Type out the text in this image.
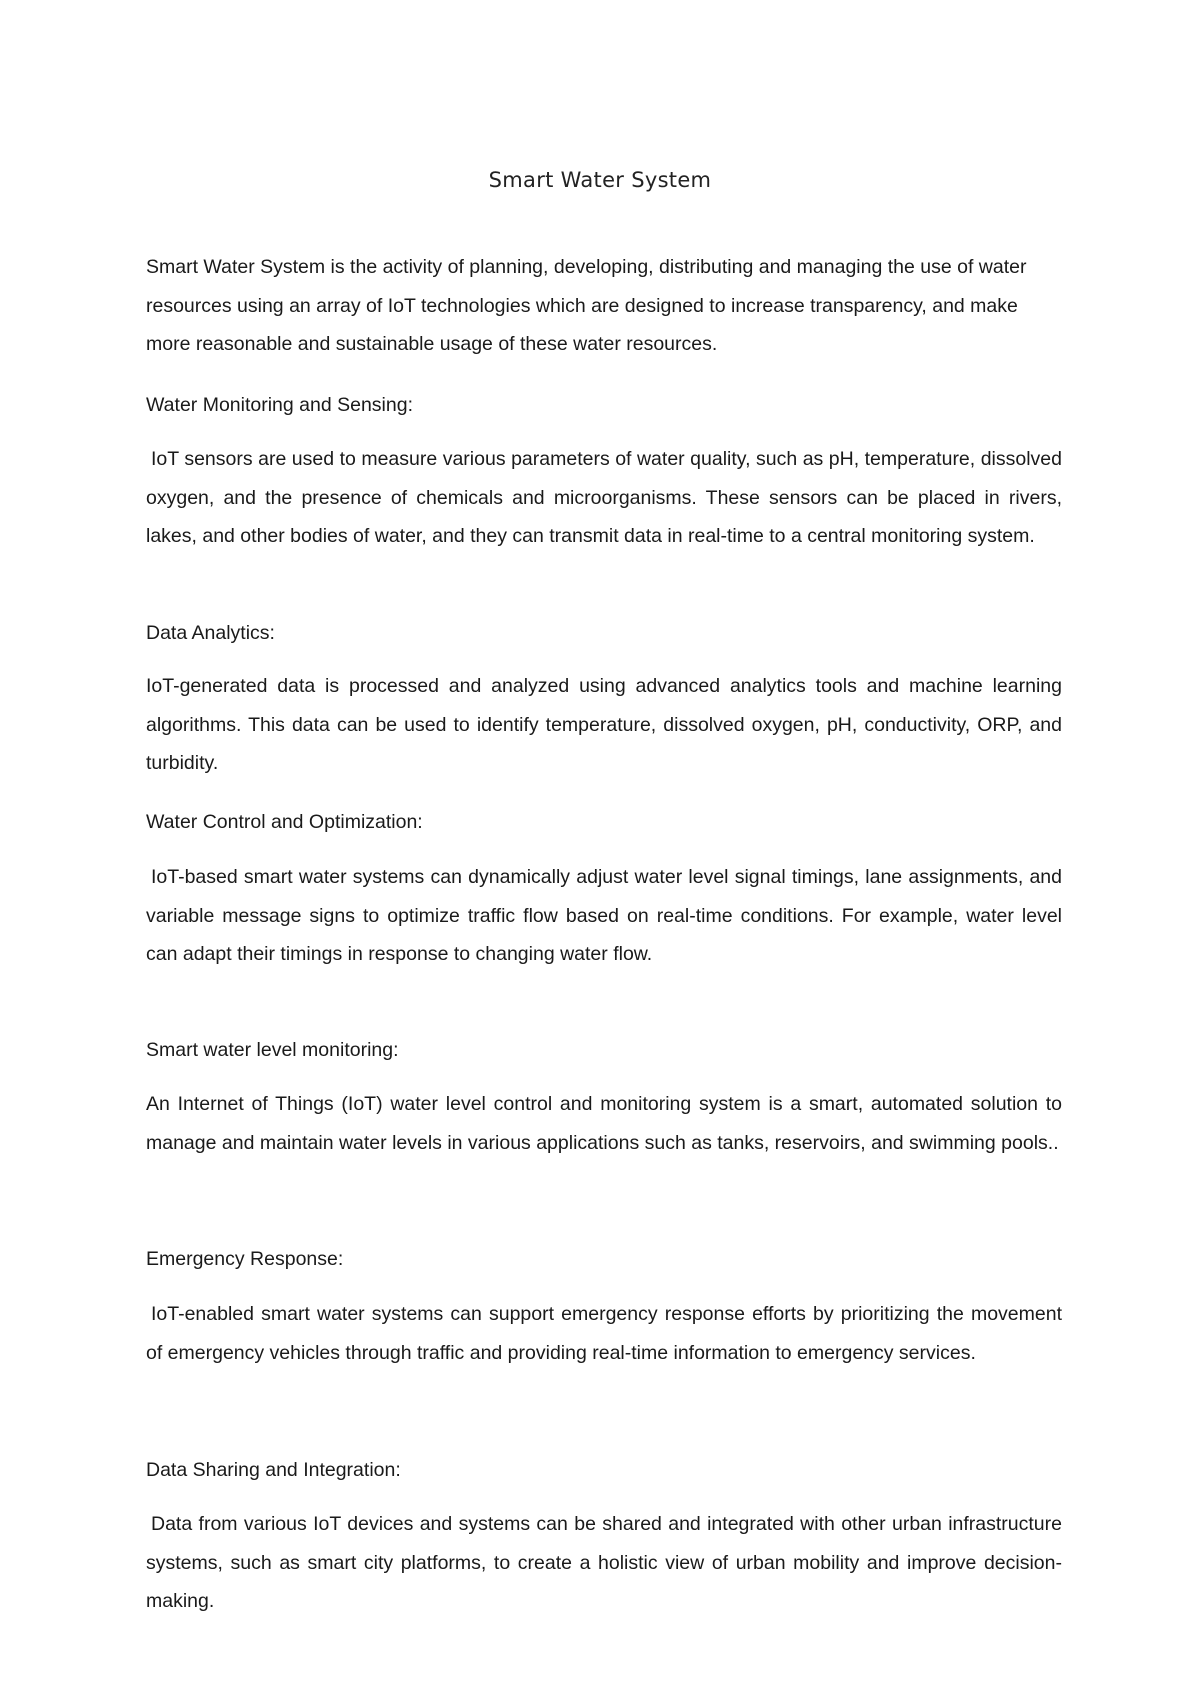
Smart Water System

Smart Water System is the activity of planning, developing, distributing and managing the use of water resources using an array of IoT technologies which are designed to increase transparency, and make more reasonable and sustainable usage of these water resources.

Water Monitoring and Sensing:

IoT sensors are used to measure various parameters of water quality, such as pH, temperature, dissolved oxygen, and the presence of chemicals and microorganisms. These sensors can be placed in rivers, lakes, and other bodies of water, and they can transmit data in real-time to a central monitoring system.

Data Analytics:

IoT-generated data is processed and analyzed using advanced analytics tools and machine learning algorithms. This data can be used to identify temperature, dissolved oxygen, pH, conductivity, ORP, and turbidity.

Water Control and Optimization:

IoT-based smart water systems can dynamically adjust water level signal timings, lane assignments, and variable message signs to optimize traffic flow based on real-time conditions. For example, water level can adapt their timings in response to changing water flow.

Smart water level monitoring:

An Internet of Things (IoT) water level control and monitoring system is a smart, automated solution to manage and maintain water levels in various applications such as tanks, reservoirs, and swimming pools..

Emergency Response:

IoT-enabled smart water systems can support emergency response efforts by prioritizing the movement of emergency vehicles through traffic and providing real-time information to emergency services.

Data Sharing and Integration:

Data from various IoT devices and systems can be shared and integrated with other urban infrastructure systems, such as smart city platforms, to create a holistic view of urban mobility and improve decision-making.
